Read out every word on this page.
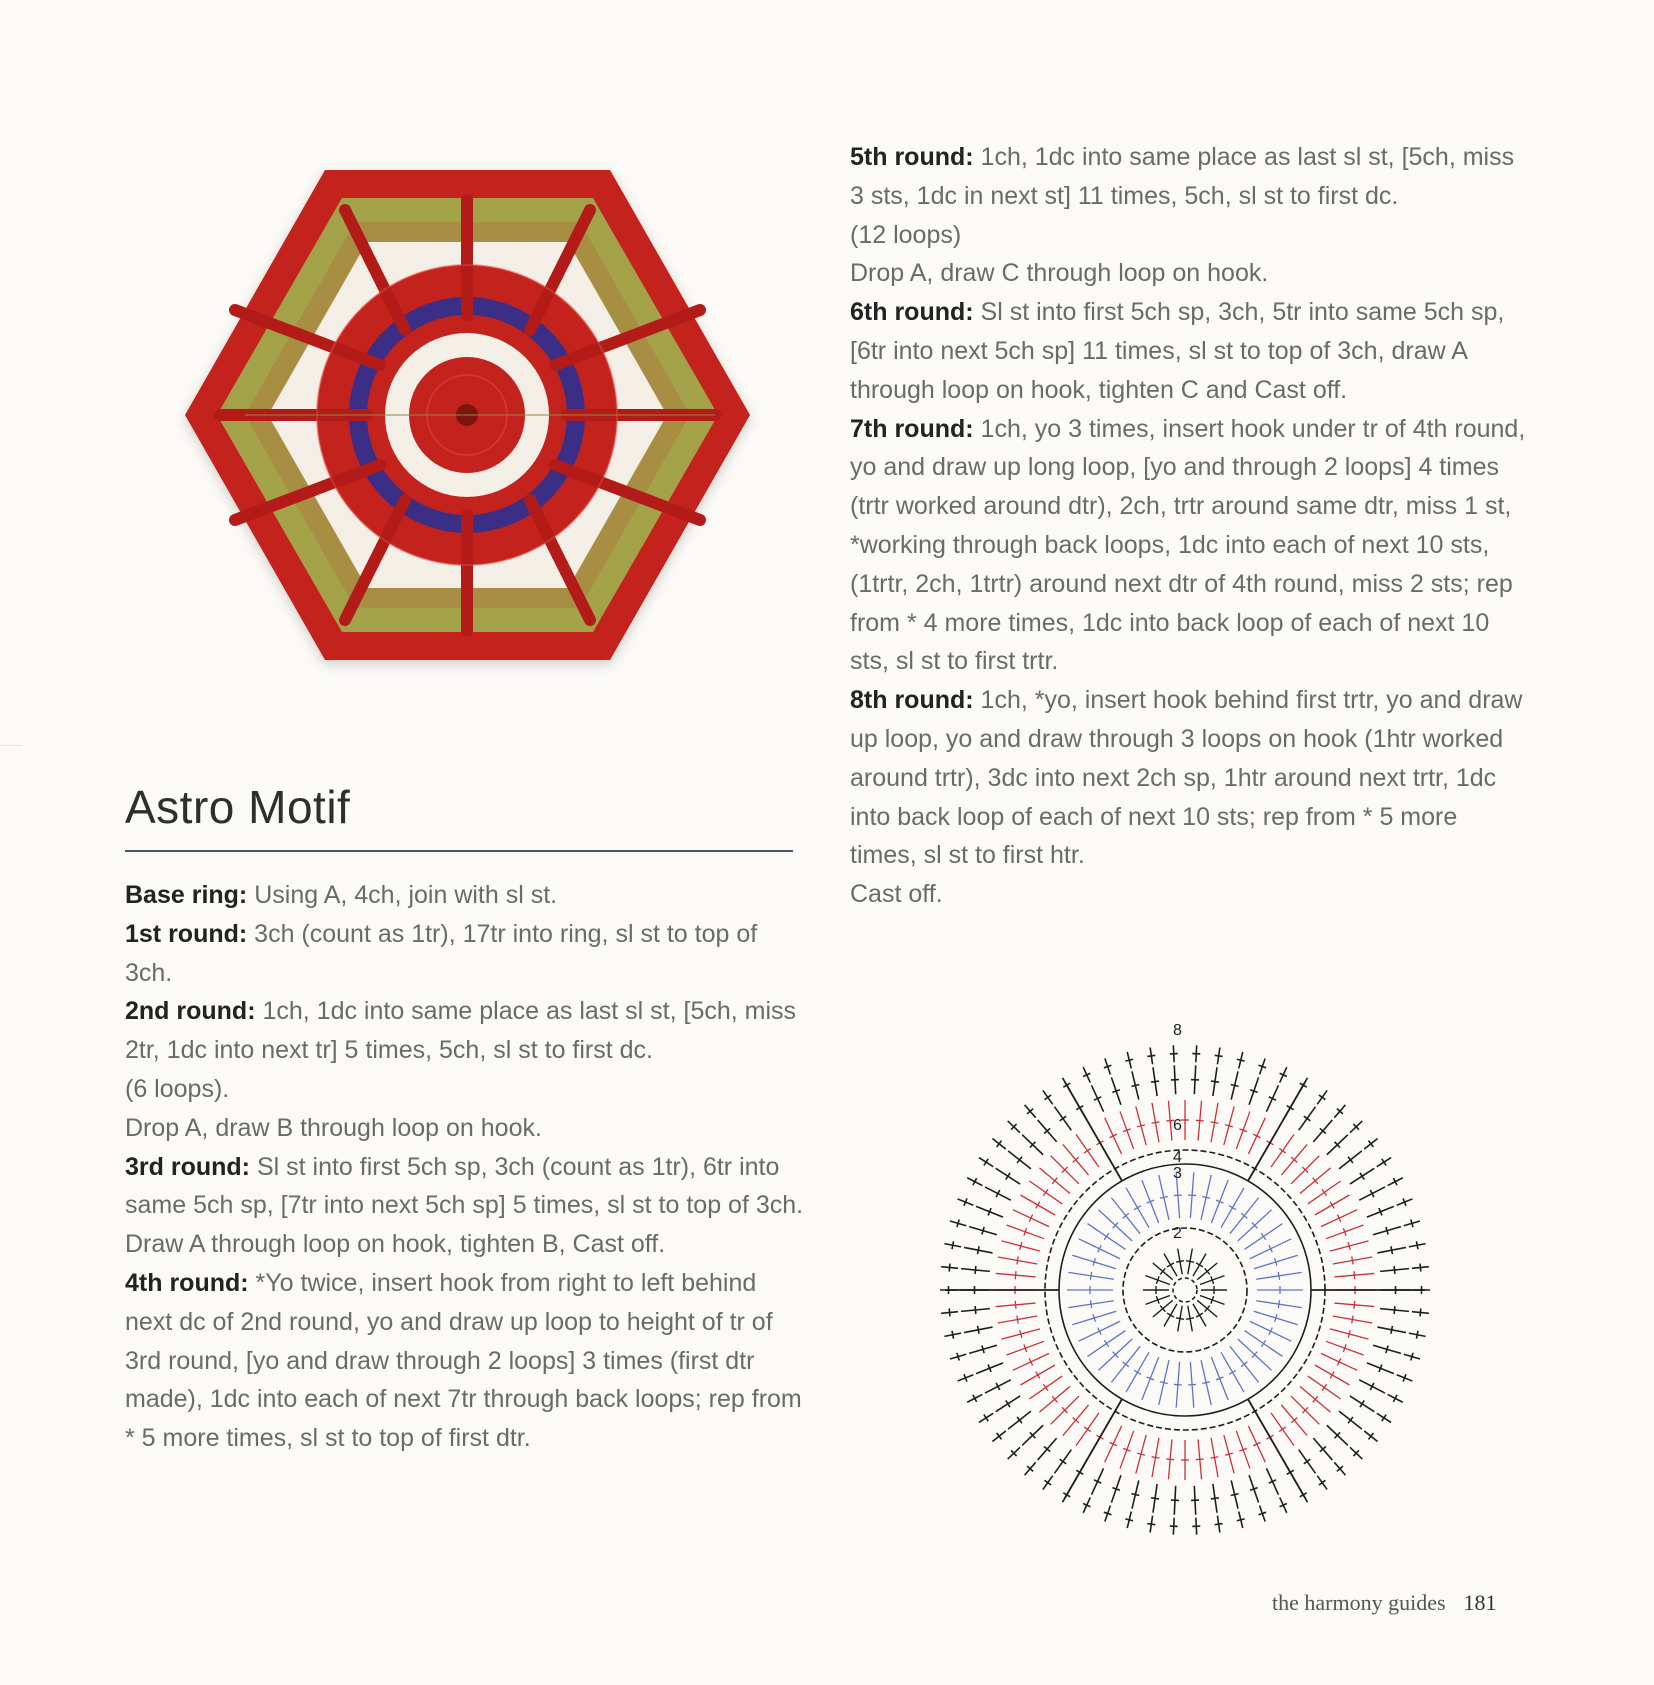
Astro Motif

Base ring: Using A, 4ch, join with sl st.

1st round: 3ch (count as 1tr), 17tr into ring, sl st to top of 3ch.

2nd round: 1ch, 1dc into same place as last sl st, [5ch, miss 2tr, 1dc into next tr] 5 times, 5ch, sl st to first dc.

(6 loops).

Drop A, draw B through loop on hook.

3rd round: Sl st into first 5ch sp, 3ch (count as 1tr), 6tr into same 5ch sp, [7tr into next 5ch sp] 5 times, sl st to top of 3ch.

Draw A through loop on hook, tighten B, Cast off.

4th round: *Yo twice, insert hook from right to left behind next dc of 2nd round, yo and draw up loop to height of tr of 3rd round, [yo and draw through 2 loops] 3 times (first dtr made), 1dc into each of next 7tr through back loops; rep from * 5 more times, sl st to top of first dtr.

5th round: 1ch, 1dc into same place as last sl st, [5ch, miss 3 sts, 1dc in next st] 11 times, 5ch, sl st to first dc.

(12 loops)

Drop A, draw C through loop on hook.

6th round: Sl st into first 5ch sp, 3ch, 5tr into same 5ch sp, [6tr into next 5ch sp] 11 times, sl st to top of 3ch, draw A through loop on hook, tighten C and Cast off.

7th round: 1ch, yo 3 times, insert hook under tr of 4th round, yo and draw up long loop, [yo and through 2 loops] 4 times (trtr worked around dtr), 2ch, trtr around same dtr, miss 1 st, *working through back loops, 1dc into each of next 10 sts, (1trtr, 2ch, 1trtr) around next dtr of 4th round, miss 2 sts; rep from * 4 more times, 1dc into back loop of each of next 10 sts, sl st to first trtr.

8th round: 1ch, *yo, insert hook behind first trtr, yo and draw up loop, yo and draw through 3 loops on hook (1htr worked around trtr), 3dc into next 2ch sp, 1htr around next trtr, 1dc into back loop of each of next 10 sts; rep from * 5 more times, sl st to first htr.

Cast off.

2
3
4
6
8
the harmony guides 181
